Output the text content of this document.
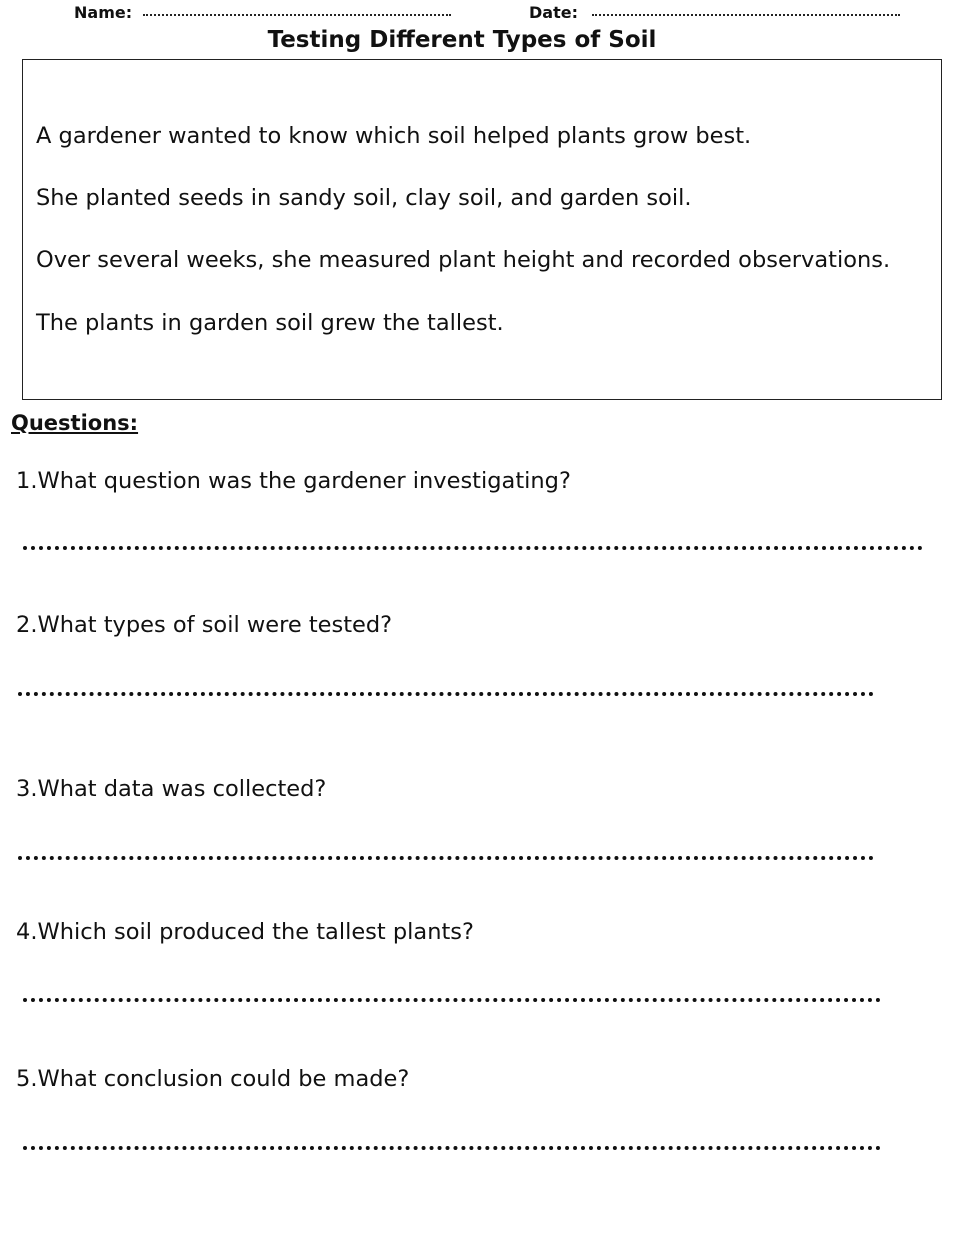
Name:	Date:
Testing Different Types of Soil
A gardener wanted to know which soil helped plants grow best.
She planted seeds in sandy soil, clay soil, and garden soil.
Over several weeks, she measured plant height and recorded observations.
The plants in garden soil grew the tallest.
Questions:
1.What question was the gardener investigating?
2.What types of soil were tested?
3.What data was collected?
4.Which soil produced the tallest plants?
5.What conclusion could be made?
